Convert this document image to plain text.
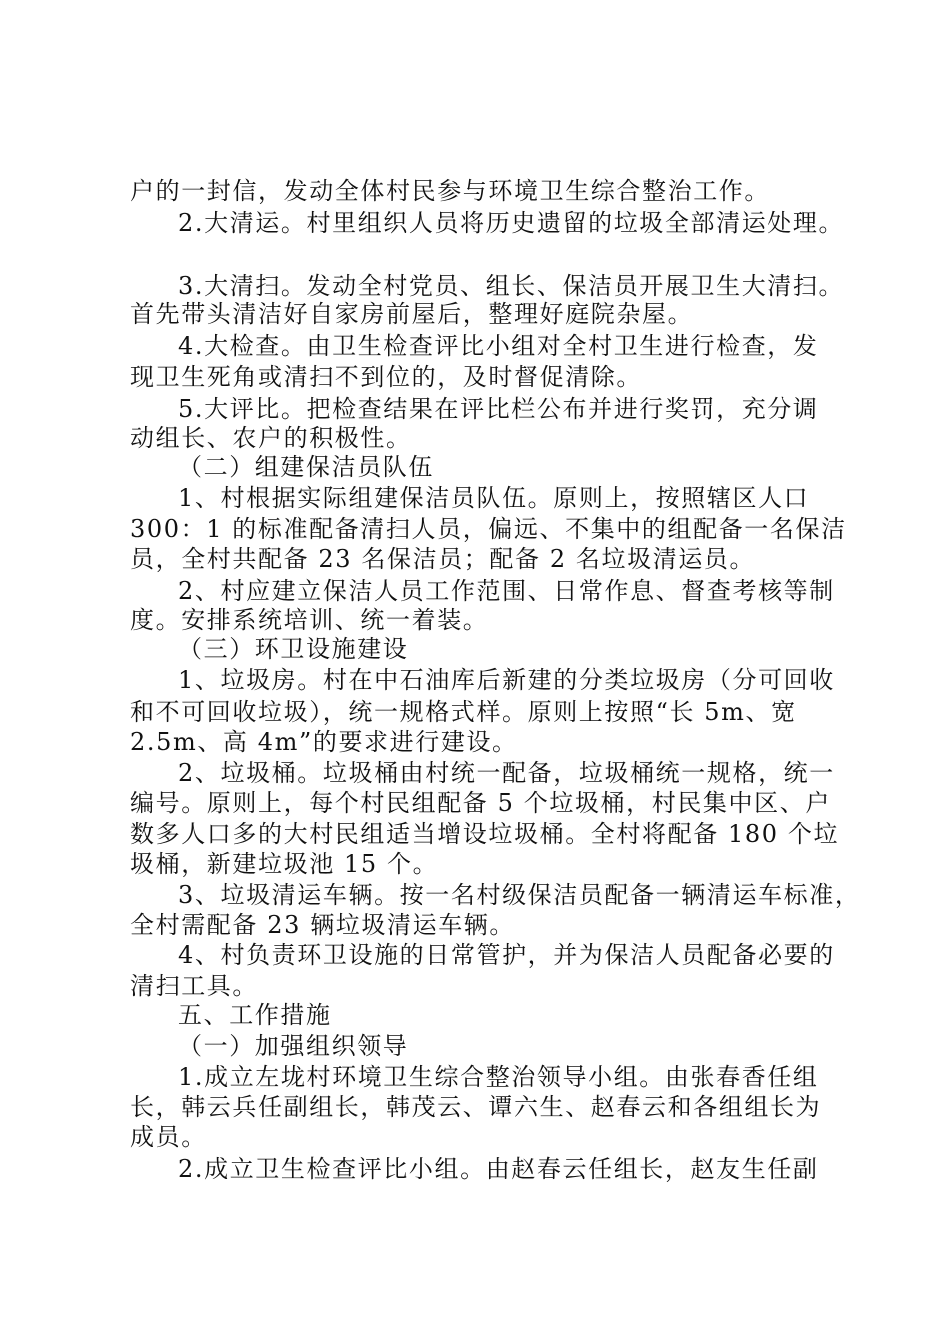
户的一封信，发动全体村民参与环境卫生综合整治工作。
2.大清运。村里组织人员将历史遗留的垃圾全部清运处理。
3.大清扫。发动全村党员、组长、保洁员开展卫生大清扫。
首先带头清洁好自家房前屋后，整理好庭院杂屋。
4.大检查。由卫生检查评比小组对全村卫生进行检查，发
现卫生死角或清扫不到位的，及时督促清除。
5.大评比。把检查结果在评比栏公布并进行奖罚，充分调
动组长、农户的积极性。
（二）组建保洁员队伍
1、村根据实际组建保洁员队伍。原则上，按照辖区人口
300：1 的标准配备清扫人员，偏远、不集中的组配备一名保洁
员，全村共配备 23 名保洁员；配备 2 名垃圾清运员。
2、村应建立保洁人员工作范围、日常作息、督查考核等制
度。安排系统培训、统一着装。
（三）环卫设施建设
1、垃圾房。村在中石油库后新建的分类垃圾房（分可回收
和不可回收垃圾），统一规格式样。原则上按照“长 5m、宽
2.5m、高 4m”的要求进行建设。
2、垃圾桶。垃圾桶由村统一配备，垃圾桶统一规格，统一
编号。原则上，每个村民组配备 5 个垃圾桶，村民集中区、户
数多人口多的大村民组适当增设垃圾桶。全村将配备 180 个垃
圾桶，新建垃圾池 15 个。
3、垃圾清运车辆。按一名村级保洁员配备一辆清运车标准，
全村需配备 23 辆垃圾清运车辆。
4、村负责环卫设施的日常管护，并为保洁人员配备必要的
清扫工具。
五、工作措施
（一）加强组织领导
1.成立左垅村环境卫生综合整治领导小组。由张春香任组
长，韩云兵任副组长，韩茂云、谭六生、赵春云和各组组长为
成员。
2.成立卫生检查评比小组。由赵春云任组长，赵友生任副
